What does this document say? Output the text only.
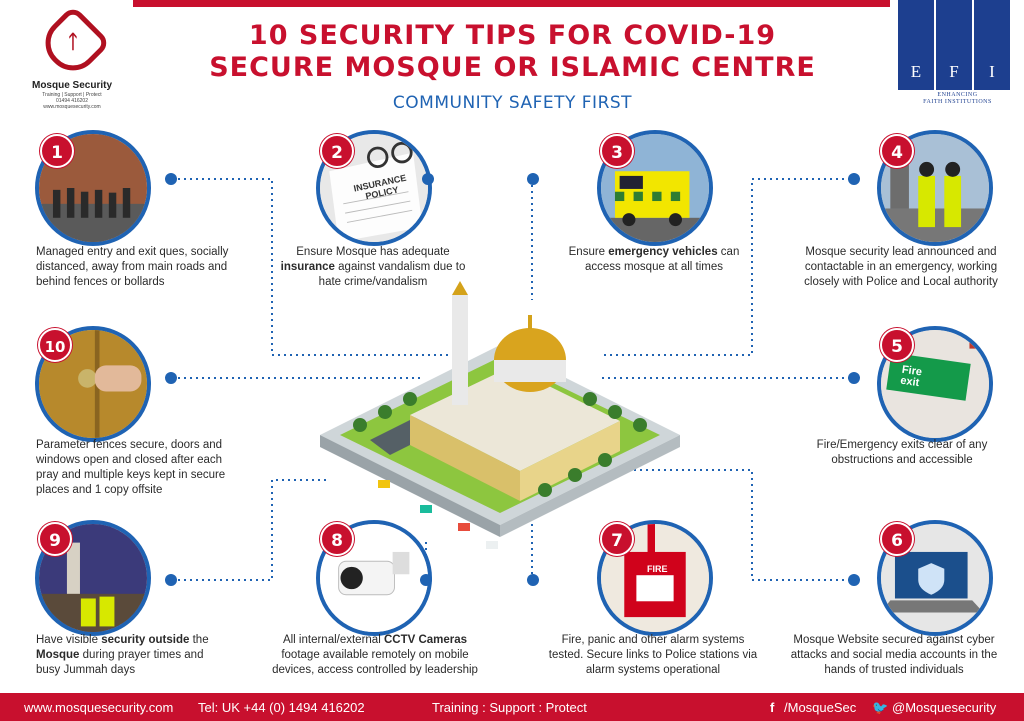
ᛏ
Mosque Security
Training | Support | Protect
01494 416202
www.mosquesecurity.com
10 SECURITY TIPS FOR COVID-19
SECURE MOSQUE OR ISLAMIC CENTRE
COMMUNITY SAFETY FIRST
E	F	I
ENHANCING
FAITH INSTITUTIONS
1
Managed entry and exit ques, socially distanced, away from main roads and behind fences or bollards
INSURANCE POLICY
2
Ensure Mosque has adequate insurance against vandalism due to hate crime/vandalism
3
Ensure emergency vehicles can access mosque at all times
4
Mosque security lead announced and contactable in an emergency, working closely with Police and Local authority
10
Parameter fences secure, doors and windows open and closed after each pray and multiple keys kept in secure places and 1 copy offsite
Fire
exit
5
Fire/Emergency exits clear of any obstructions and accessible
9
Have visible security outside the Mosque during prayer times and busy Jummah days
8
All internal/external CCTV Cameras footage available remotely on mobile devices, access controlled by leadership
FIRE
7
Fire, panic and other alarm systems tested. Secure links to Police stations via alarm systems operational
6
Mosque Website secured against cyber attacks and social media accounts in the hands of trusted individuals
www.mosquesecurity.com Tel: UK +44 (0) 1494 416202	Training : Support : Protect	f /MosqueSec 🐦 @Mosquesecurity
